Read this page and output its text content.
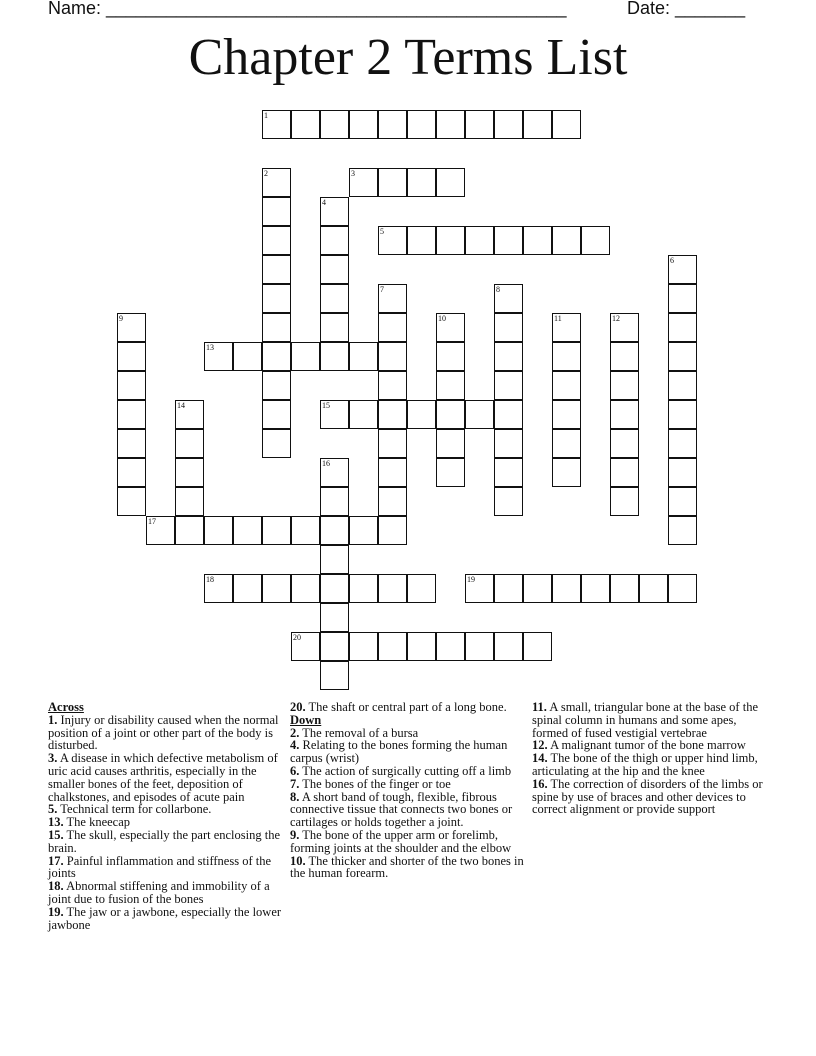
Name: ______________________________________________	Date: _______
Chapter 2 Terms List
1
3
5
13
15
17
18	19
20
2
4
6
7	8
9	10	11	12
14
16
Across

1. Injury or disability caused when the normal position of a joint or other part of the body is disturbed.

3. A disease in which defective metabolism of uric acid causes arthritis, especially in the smaller bones of the feet, deposition of chalkstones, and episodes of acute pain

5. Technical term for collarbone.

13. The kneecap

15. The skull, especially the part enclosing the brain.

17. Painful inflammation and stiffness of the joints

18. Abnormal stiffening and immobility of a joint due to fusion of the bones

19. The jaw or a jawbone, especially the lower jawbone

20. The shaft or central part of a long bone.

Down

2. The removal of a bursa

4. Relating to the bones forming the human carpus (wrist)

6. The action of surgically cutting off a limb

7. The bones of the finger or toe

8. A short band of tough, flexible, fibrous connective tissue that connects two bones or cartilages or holds together a joint.

9. The bone of the upper arm or forelimb, forming joints at the shoulder and the elbow

10. The thicker and shorter of the two bones in the human forearm.

11. A small, triangular bone at the base of the spinal column in humans and some apes, formed of fused vestigial vertebrae

12. A malignant tumor of the bone marrow

14. The bone of the thigh or upper hind limb, articulating at the hip and the knee

16. The correction of disorders of the limbs or spine by use of braces and other devices to correct alignment or provide support
